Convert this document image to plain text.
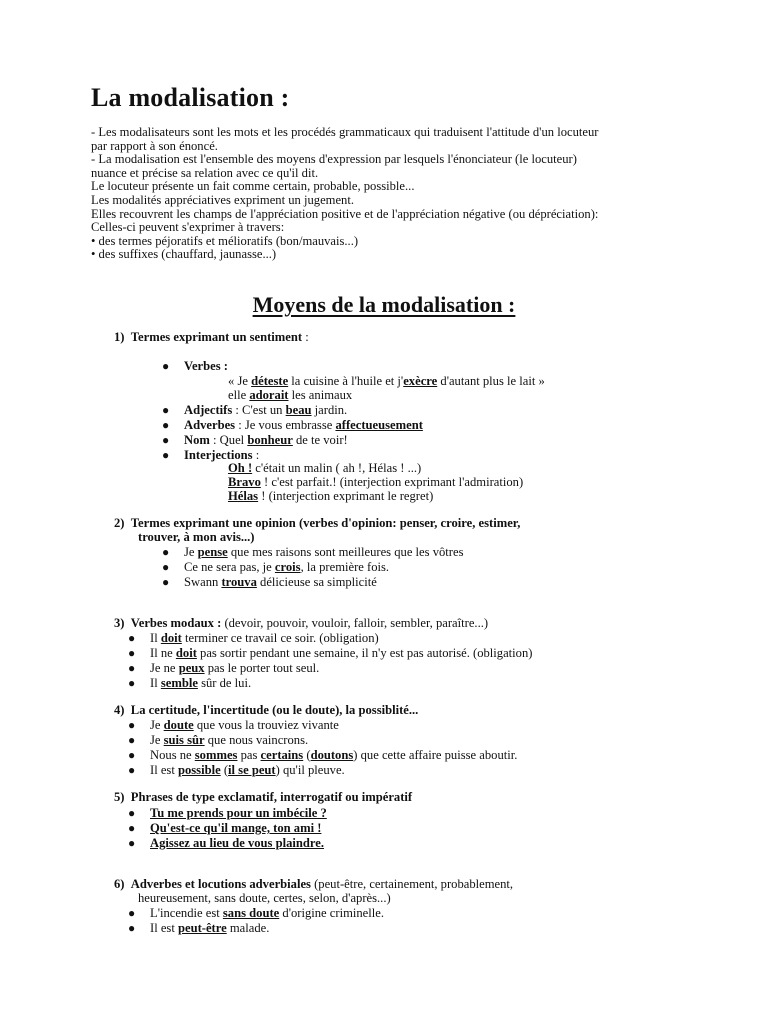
La modalisation :
- Les modalisateurs sont les mots et les procédés grammaticaux qui traduisent l'attitude d'un locuteur
par rapport à son énoncé.
- La modalisation est l'ensemble des moyens d'expression par lesquels l'énonciateur (le locuteur)
nuance et précise sa relation avec ce qu'il dit.
Le locuteur présente un fait comme certain, probable, possible...
Les modalités appréciatives expriment un jugement.
Elles recouvrent les champs de l'appréciation positive et de l'appréciation négative (ou dépréciation):
Celles-ci peuvent s'exprimer à travers:
• des termes péjoratifs et mélioratifs (bon/mauvais...)
• des suffixes (chauffard, jaunasse...)
Moyens de la modalisation :
1) Termes exprimant un sentiment :
● Verbes :
« Je déteste la cuisine à l'huile et j'exècre d'autant plus le lait »
elle adorait les animaux
● Adjectifs : C'est un beau jardin.
● Adverbes : Je vous embrasse affectueusement
● Nom : Quel bonheur de te voir!
● Interjections :
Oh ! c'était un malin ( ah !, Hélas ! ...)
Bravo ! c'est parfait.! (interjection exprimant l'admiration)
Hélas ! (interjection exprimant le regret)
2) Termes exprimant une opinion (verbes d'opinion: penser, croire, estimer,
trouver, à mon avis...)
● Je pense que mes raisons sont meilleures que les vôtres
● Ce ne sera pas, je crois, la première fois.
● Swann trouva délicieuse sa simplicité
3) Verbes modaux : (devoir, pouvoir, vouloir, falloir, sembler, paraître...)
● Il doit terminer ce travail ce soir. (obligation)
● Il ne doit pas sortir pendant une semaine, il n'y est pas autorisé. (obligation)
● Je ne peux pas le porter tout seul.
● Il semble sûr de lui.
4) La certitude, l'incertitude (ou le doute), la possiblité...
● Je doute que vous la trouviez vivante
● Je suis sûr que nous vaincrons.
● Nous ne sommes pas certains (doutons) que cette affaire puisse aboutir.
● Il est possible (il se peut) qu'il pleuve.
5) Phrases de type exclamatif, interrogatif ou impératif
● Tu me prends pour un imbécile ?
● Qu'est-ce qu'il mange, ton ami !
● Agissez au lieu de vous plaindre.
6) Adverbes et locutions adverbiales (peut-être, certainement, probablement,
heureusement, sans doute, certes, selon, d'après...)
● L'incendie est sans doute d'origine criminelle.
● Il est peut-être malade.
